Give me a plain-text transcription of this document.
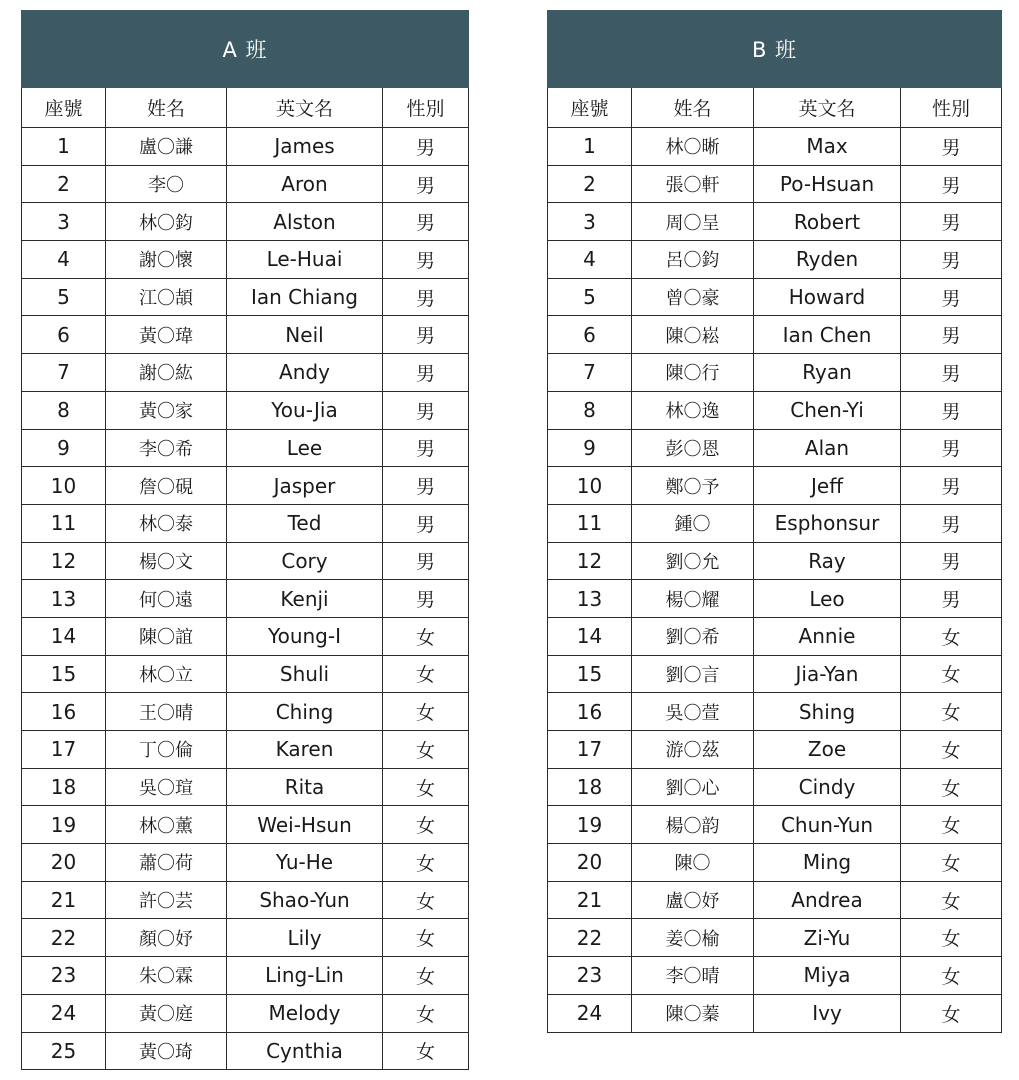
A 班			
座號	姓名	英文名	性別
1	盧〇謙	James	男
2	李〇	Aron	男
3	林〇鈞	Alston	男
4	謝〇懷	Le-Huai	男
5	江〇頡	Ian Chiang	男
6	黃〇瑋	Neil	男
7	謝〇紘	Andy	男
8	黃〇家	You-Jia	男
9	李〇希	Lee	男
10	詹〇硯	Jasper	男
11	林〇泰	Ted	男
12	楊〇文	Cory	男
13	何〇遠	Kenji	男
14	陳〇誼	Young-I	女
15	林〇立	Shuli	女
16	王〇晴	Ching	女
17	丁〇倫	Karen	女
18	吳〇瑄	Rita	女
19	林〇薰	Wei-Hsun	女
20	蕭〇荷	Yu-He	女
21	許〇芸	Shao-Yun	女
22	顏〇妤	Lily	女
23	朱〇霖	Ling-Lin	女
24	黃〇庭	Melody	女
25	黃〇琦	Cynthia	女
B 班			
座號	姓名	英文名	性別
1	林〇晰	Max	男
2	張〇軒	Po-Hsuan	男
3	周〇呈	Robert	男
4	呂〇鈞	Ryden	男
5	曾〇豪	Howard	男
6	陳〇崧	Ian Chen	男
7	陳〇行	Ryan	男
8	林〇逸	Chen-Yi	男
9	彭〇恩	Alan	男
10	鄭〇予	Jeff	男
11	鍾〇	Esphonsur	男
12	劉〇允	Ray	男
13	楊〇耀	Leo	男
14	劉〇希	Annie	女
15	劉〇言	Jia-Yan	女
16	吳〇萱	Shing	女
17	游〇茲	Zoe	女
18	劉〇心	Cindy	女
19	楊〇韵	Chun-Yun	女
20	陳〇	Ming	女
21	盧〇妤	Andrea	女
22	姜〇榆	Zi-Yu	女
23	李〇晴	Miya	女
24	陳〇蓁	Ivy	女
